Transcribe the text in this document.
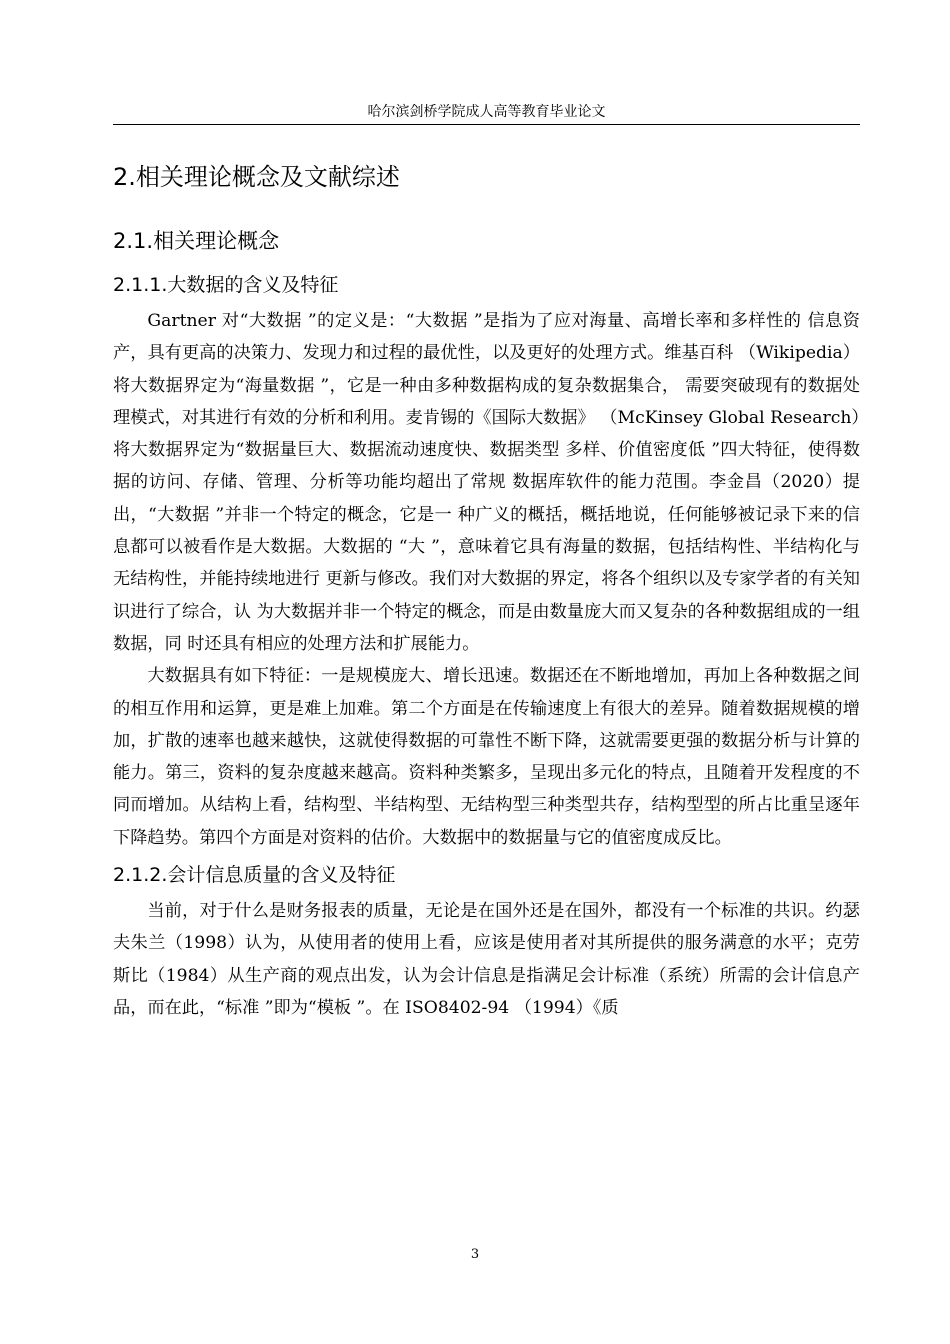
哈尔滨剑桥学院成人高等教育毕业论文
2.相关理论概念及文献综述
2.1.相关理论概念
2.1.1.大数据的含义及特征

Gartner 对“大数据 ”的定义是：“大数据 ”是指为了应对海量、高增长率和多样性的 信息资产，具有更高的决策力、发现力和过程的最优性，以及更好的处理方式。维基百科 （Wikipedia）将大数据界定为“海量数据 ”，它是一种由多种数据构成的复杂数据集合， 需要突破现有的数据处理模式，对其进行有效的分析和利用。麦肯锡的《国际大数据》 （McKinsey Global Research）将大数据界定为“数据量巨大、数据流动速度快、数据类型 多样、价值密度低 ”四大特征，使得数据的访问、存储、管理、分析等功能均超出了常规 数据库软件的能力范围。李金昌（2020）提出，“大数据 ”并非一个特定的概念，它是一 种广义的概括，概括地说，任何能够被记录下来的信息都可以被看作是大数据。大数据的 “大 ”，意味着它具有海量的数据，包括结构性、半结构化与无结构性，并能持续地进行 更新与修改。我们对大数据的界定，将各个组织以及专家学者的有关知识进行了综合，认 为大数据并非一个特定的概念，而是由数量庞大而又复杂的各种数据组成的一组数据，同 时还具有相应的处理方法和扩展能力。

大数据具有如下特征：一是规模庞大、增长迅速。数据还在不断地增加，再加上各种数据之间的相互作用和运算，更是难上加难。第二个方面是在传输速度上有很大的差异。随着数据规模的增加，扩散的速率也越来越快，这就使得数据的可靠性不断下降，这就需要更强的数据分析与计算的能力。第三，资料的复杂度越来越高。资料种类繁多，呈现出多元化的特点，且随着开发程度的不同而增加。从结构上看，结构型、半结构型、无结构型三种类型共存，结构型型的所占比重呈逐年下降趋势。第四个方面是对资料的估价。大数据中的数据量与它的值密度成反比。

2.1.2.会计信息质量的含义及特征

当前，对于什么是财务报表的质量，无论是在国外还是在国外，都没有一个标准的共识。约瑟夫朱兰（1998）认为，从使用者的使用上看，应该是使用者对其所提供的服务满意的水平；克劳斯比（1984）从生产商的观点出发，认为会计信息是指满足会计标准（系统）所需的会计信息产品，而在此，“标准 ”即为“模板 ”。在 ISO8402-94 （1994）《质

3
